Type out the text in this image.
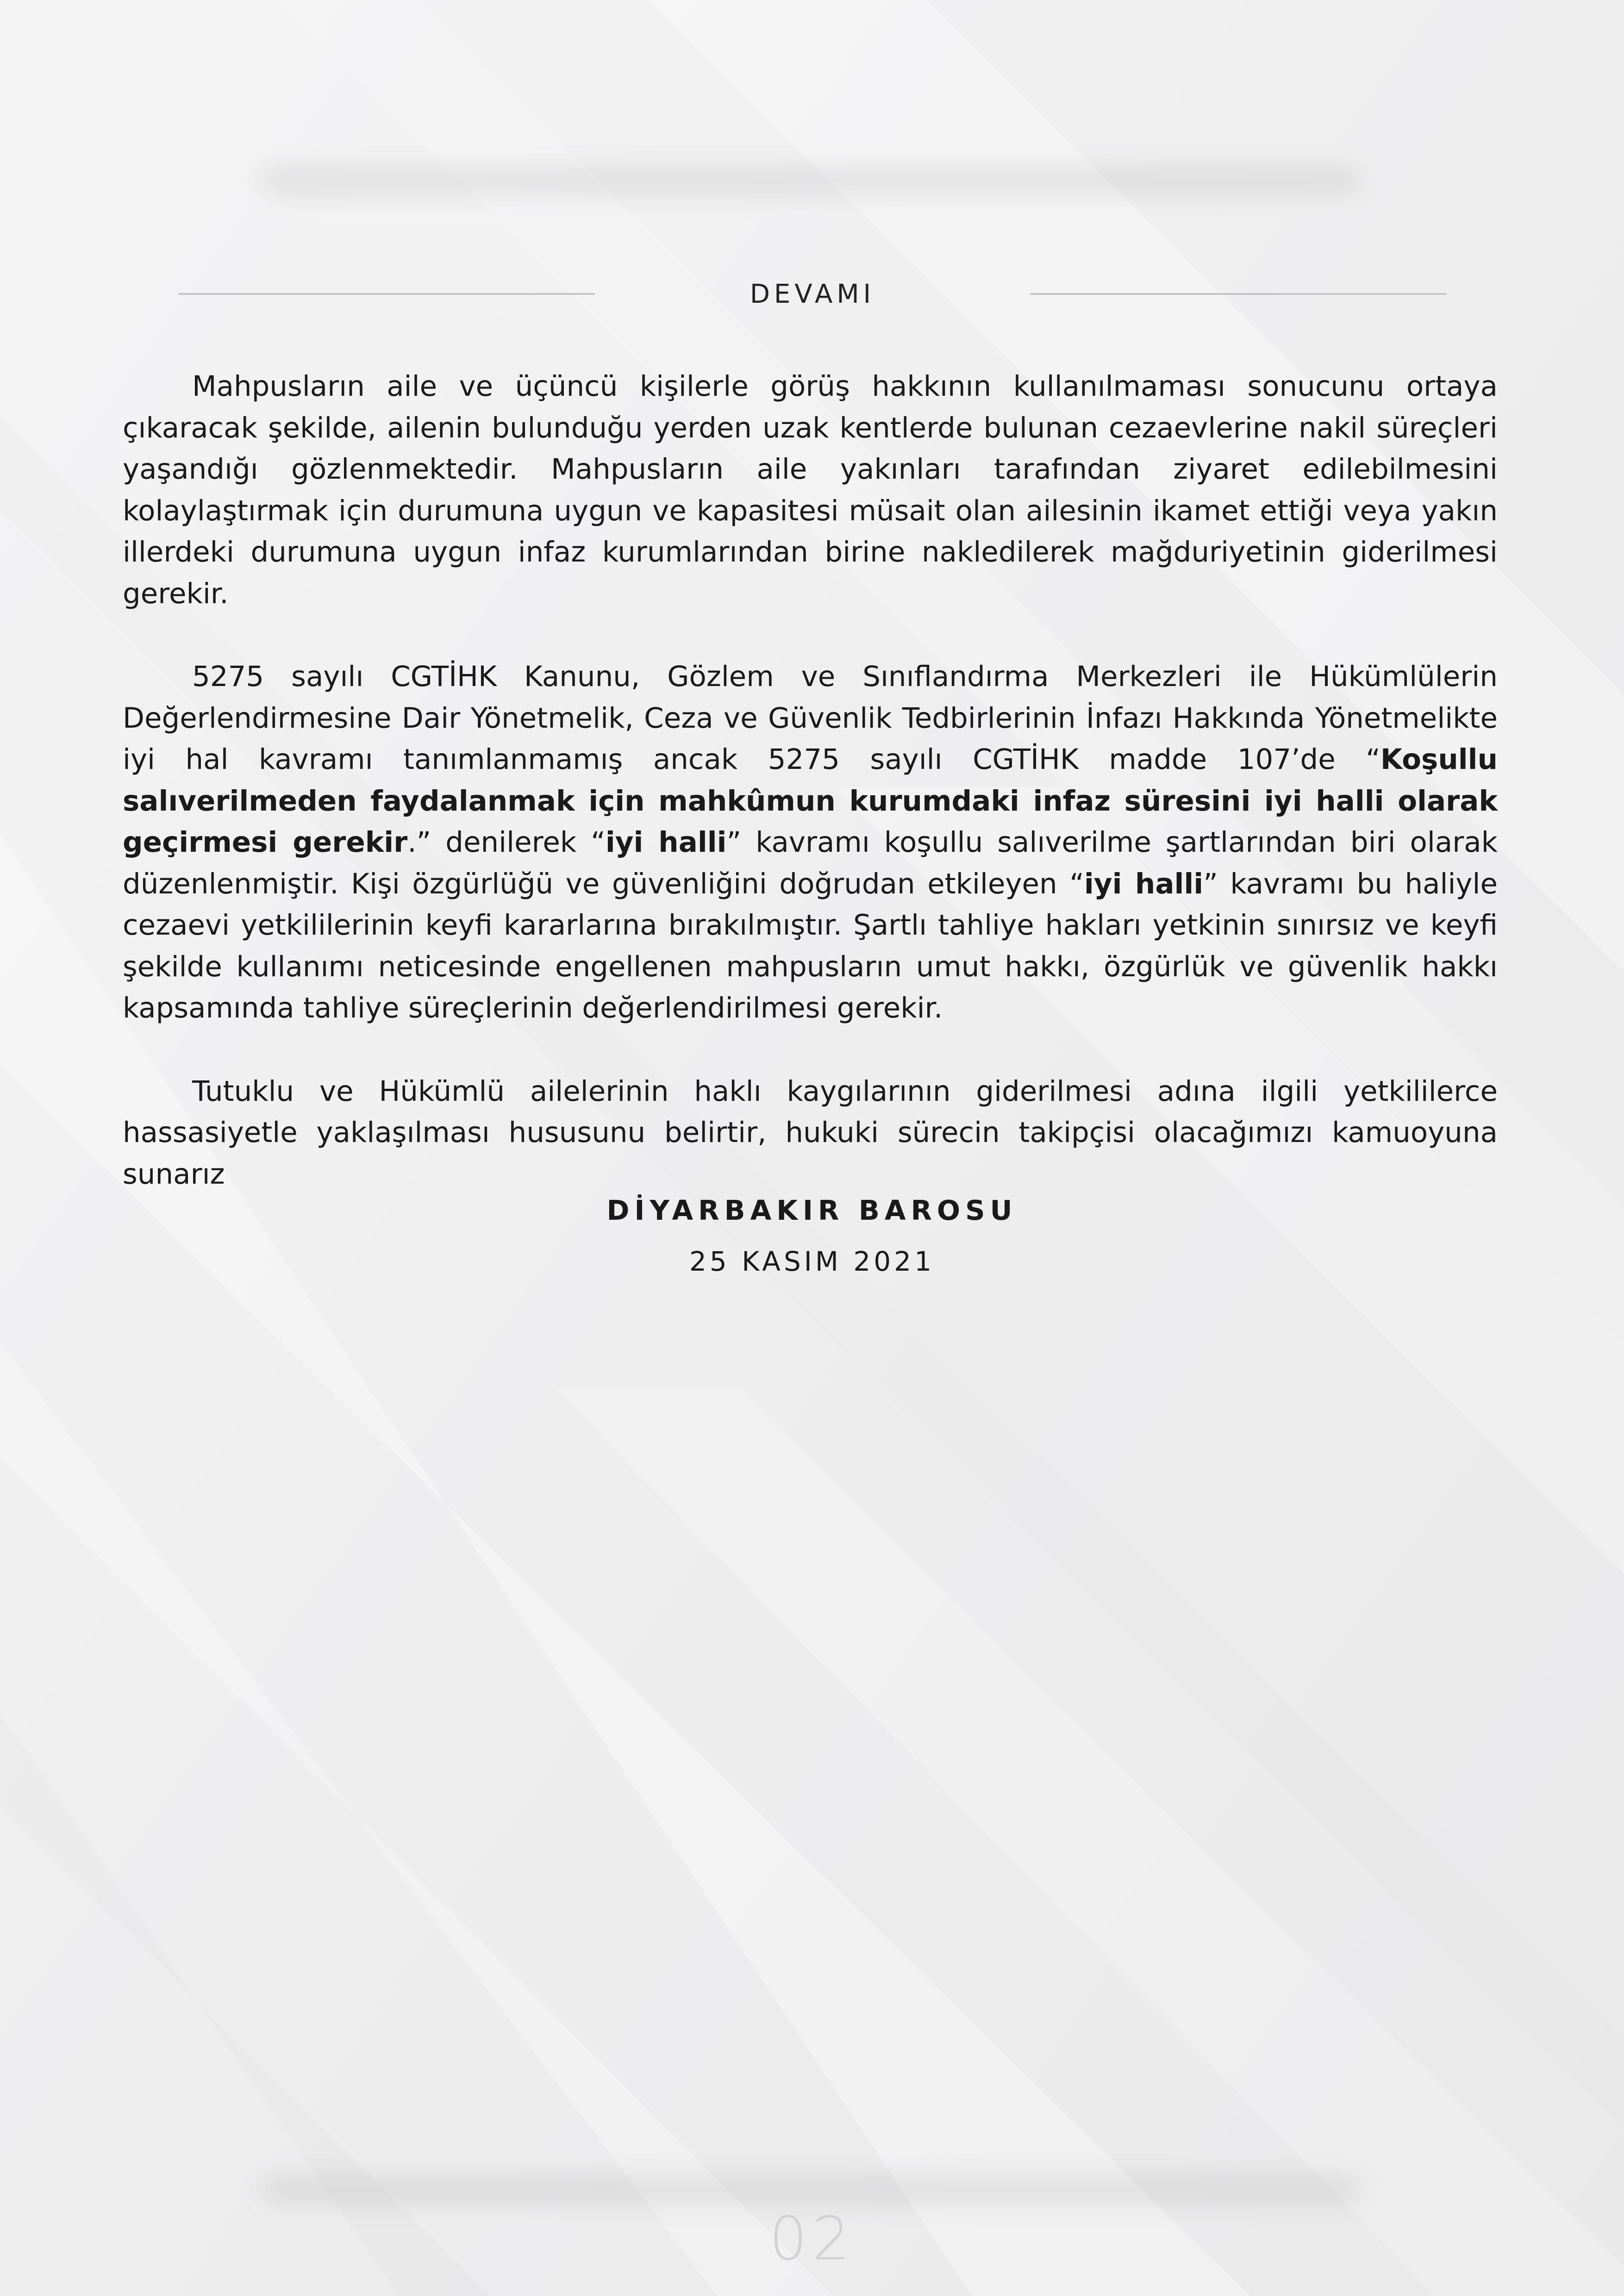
DEVAMI

Mahpusların aile ve üçüncü kişilerle görüş hakkının kullanılmaması sonucunu ortaya çıkaracak şekilde, ailenin bulunduğu yerden uzak kentlerde bulunan cezaevlerine nakil süreçleri yaşandığı gözlenmektedir. Mahpusların aile yakınları tarafından ziyaret edilebilmesini kolaylaştırmak için durumuna uygun ve kapasitesi müsait olan ailesinin ikamet ettiği veya yakın illerdeki durumuna uygun infaz kurumlarından birine nakledilerek mağduriyetinin giderilmesi gerekir.

5275 sayılı CGTİHK Kanunu, Gözlem ve Sınıflandırma Merkezleri ile Hükümlülerin Değerlendirmesine Dair Yönetmelik, Ceza ve Güvenlik Tedbirlerinin İnfazı Hakkında Yönetmelikte iyi hal kavramı tanımlanmamış ancak 5275 sayılı CGTİHK madde 107’de “Koşullu salıverilmeden faydalanmak için mahkûmun kurumdaki infaz süresini iyi halli olarak geçirmesi gerekir.” denilerek “iyi halli” kavramı koşullu salıverilme şartlarından biri olarak düzenlenmiştir. Kişi özgürlüğü ve güvenliğini doğrudan etkileyen “iyi halli” kavramı bu haliyle cezaevi yetkililerinin keyfi kararlarına bırakılmıştır. Şartlı tahliye hakları yetkinin sınırsız ve keyfi şekilde kullanımı neticesinde engellenen mahpusların umut hakkı, özgürlük ve güvenlik hakkı kapsamında tahliye süreçlerinin değerlendirilmesi gerekir.

Tutuklu ve Hükümlü ailelerinin haklı kaygılarının giderilmesi adına ilgili yetkililerce hassasiyetle yaklaşılması hususunu belirtir, hukuki sürecin takipçisi olacağımızı kamuoyuna sunarız

DİYARBAKIR BAROSU
25 KASIM 2021
02
